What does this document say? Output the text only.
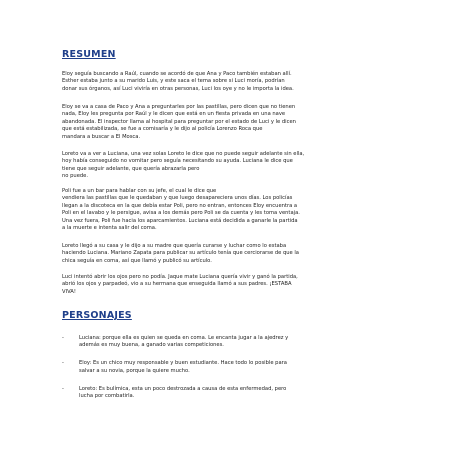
RESUMEN

Eloy seguía buscando a Raúl, cuando se acordó de que Ana y Paco también estaban allí.
Esther estaba junto a su marido Luis, y este saca el tema sobre si Luci moría, podrían
donar sus órganos, así Luci viviría en otras personas, Luci los oye y no le importa la idea.

Eloy se va a casa de Paco y Ana a preguntarles por las pastillas, pero dicen que no tienen
nada, Eloy les pregunta por Raúl y le dicen que está en un fiesta privada en una nave
abandonada. El inspector llama al hospital para preguntar por el estado de Luci y le dicen
que está estabilizada, se fue a comisaría y le dijo al policía Lorenzo Roca que
mandara a buscar a El Mosca.

Loreto va a ver a Luciana, una vez solas Loreto le dice que no puede seguir adelante sin ella,
hoy había conseguido no vomitar pero seguía necesitando su ayuda. Luciana le dice que
tiene que seguir adelante, que quería abrazarla pero
no puede.

Poli fue a un bar para hablar con su jefe, el cual le dice que
vendiera las pastillas que le quedaban y que luego desapareciera unos días. Los policías
llegan a la discoteca en la que debía estar Poli, pero no entran, entonces Eloy encuentra a
Poli en el lavabo y le persigue, avisa a los demás pero Poli se da cuenta y les toma ventaja.
Una vez fuera, Poli fue hacia los aparcamientos. Luciana está decidida a ganarle la partida
a la muerte e intenta salir del coma.

Loreto llegó a su casa y le dijo a su madre que quería curarse y luchar como lo estaba
haciendo Luciana. Mariano Zapata para publicar su artículo tenía que cerciorarse de que la
chica seguía en coma, así que llamó y publicó su artículo.

Luci intentó abrir los ojos pero no podía. Jaque mate Luciana quería vivir y ganó la partida,
abrió los ojos y parpadeó, vio a su hermana que enseguida llamó a sus padres. ¡ESTABA
VIVA!

PERSONAJES
-	Luciana: porque ella es quien se queda en coma. Le encanta jugar a la ajedrez y
además es muy buena, a ganado varias competiciones.
-	Eloy: Es un chico muy responsable y buen estudiante. Hace todo lo posible para
salvar a su novia, porque la quiere mucho.
-	Loreto: Es bulímica, esta un poco destrozada a causa de esta enfermedad, pero
lucha por combatirla.
